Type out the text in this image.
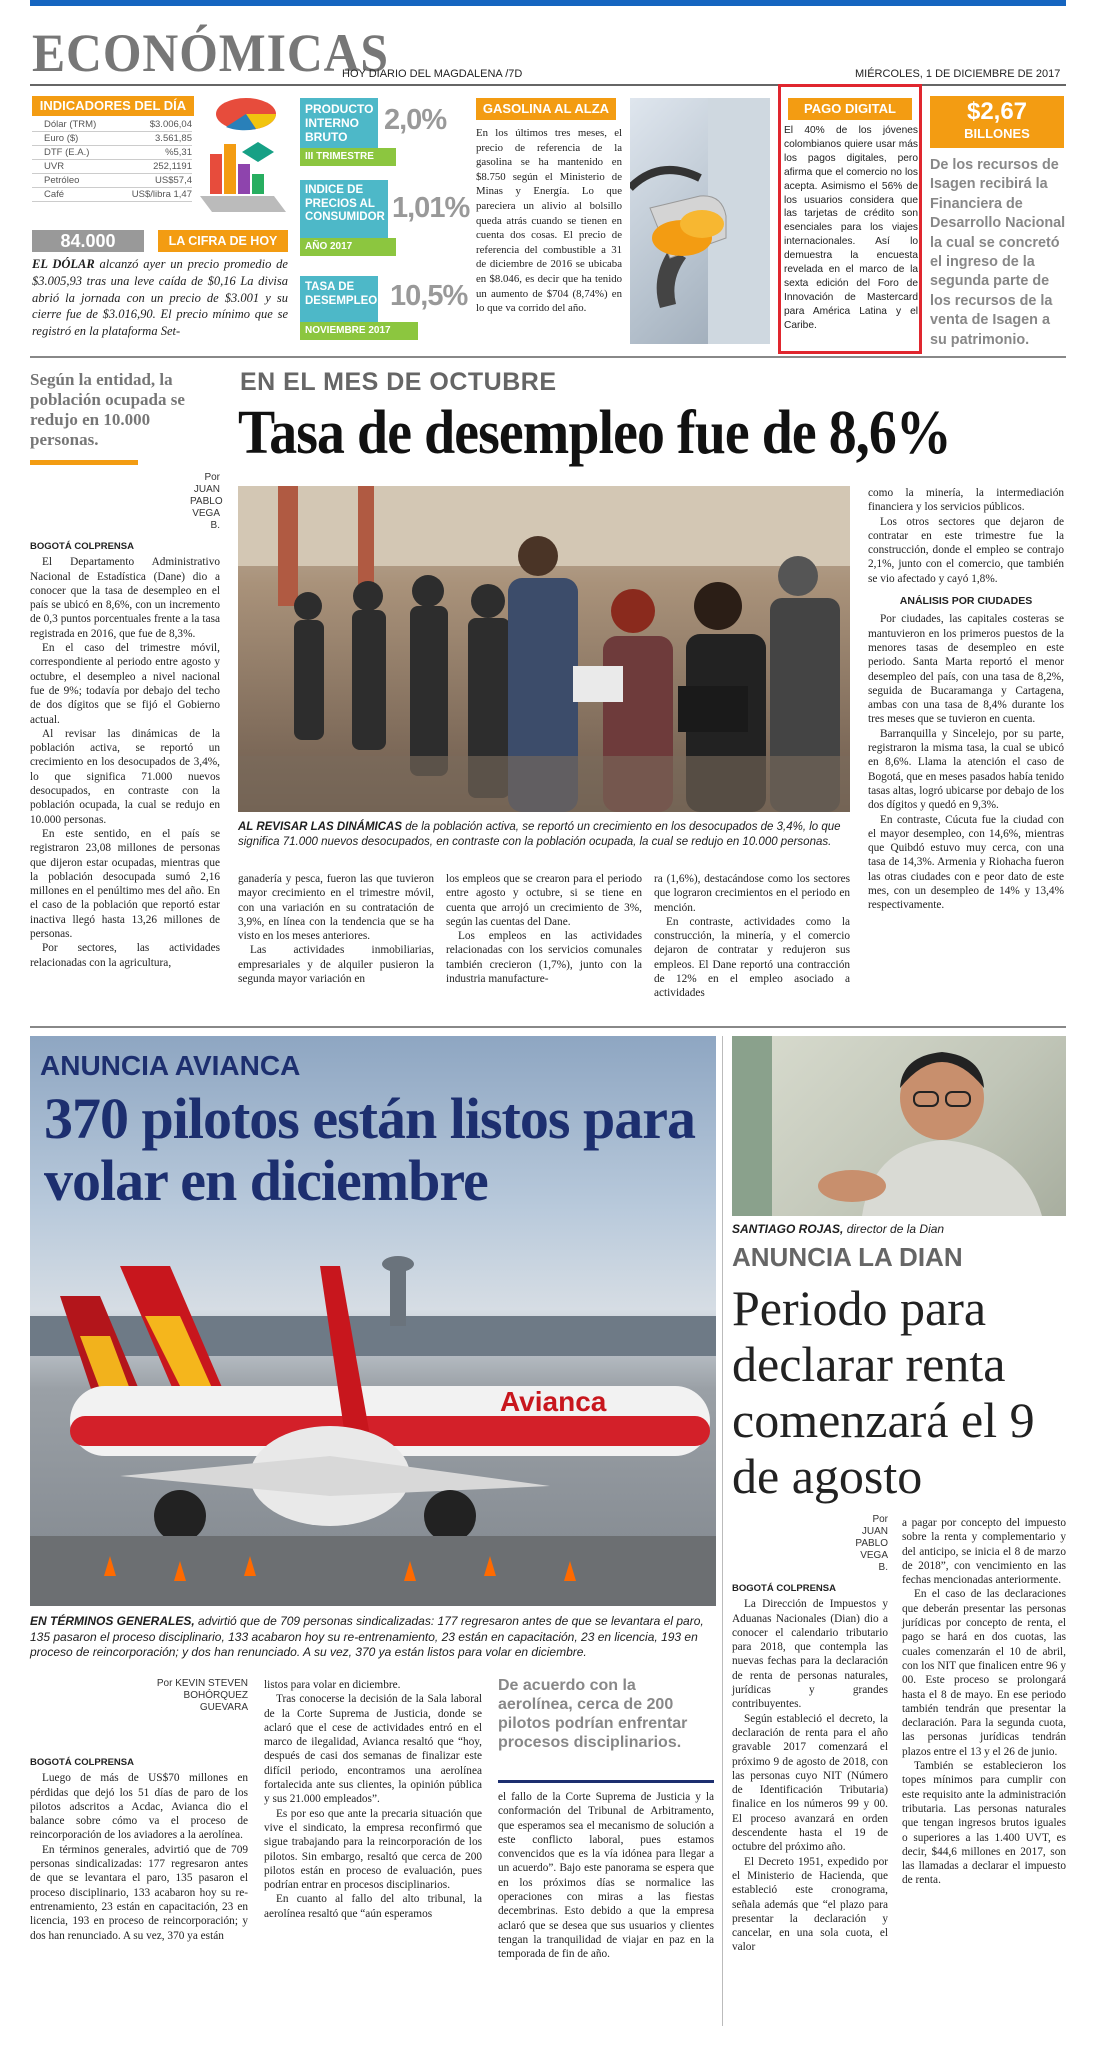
ECONÓMICAS
HOY DIARIO DEL MAGDALENA /7D	MIÉRCOLES, 1 DE DICIEMBRE DE 2017
INDICADORES DEL DÍA
Dólar (TRM)	$3.006,04
Euro ($)	3.561,85
DTF (E.A.)	%5,31
UVR	252,1191
Petróleo	US$57,4
Café	US$/libra 1,47
84.000	LA CIFRA DE HOY
EL DÓLAR alcanzó ayer un precio promedio de $3.005,93 tras una leve caída de $0,16 La divisa abrió la jornada con un precio de $3.001 y su cierre fue de $3.016,90. El precio mínimo que se registró en la plataforma Set-
PRODUCTO INTERNO BRUTO
III TRIMESTRE 2016
2,0%
INDICE DE PRECIOS AL CONSUMIDOR
AÑO 2017
1,01%
TASA DE DESEMPLEO
NOVIEMBRE 2017
10,5%
GASOLINA AL ALZA
En los últimos tres meses, el precio de referencia de la gasolina se ha mantenido en $8.750 según el Ministerio de Minas y Energía. Lo que pareciera un alivio al bolsillo queda atrás cuando se tienen en cuenta dos cosas. El precio de referencia del combustible a 31 de diciembre de 2016 se ubicaba en $8.046, es decir que ha tenido un aumento de $704 (8,74%) en lo que va corrido del año.
PAGO DIGITAL
El 40% de los jóvenes colombianos quiere usar más los pagos digitales, pero afirma que el comercio no los acepta. Asimismo el 56% de los usuarios considera que las tarjetas de crédito son esenciales para los viajes internacionales. Así lo demuestra la encuesta revelada en el marco de la sexta edición del Foro de Innovación de Mastercard para América Latina y el Caribe.
$2,67
BILLONES
De los recursos de Isagen recibirá la Financiera de Desarrollo Nacional la cual se concretó el ingreso de la segunda parte de los recursos de la venta de Isagen a su patrimonio.
Según la entidad, la población ocupada se redujo en 10.000 personas.
EN EL MES DE OCTUBRE
Tasa de desempleo fue de 8,6%
Por JUAN PABLO VEGA B.
BOGOTÁ COLPRENSA

El Departamento Administrativo Nacional de Estadística (Dane) dio a conocer que la tasa de desempleo en el país se ubicó en 8,6%, con un incremento de 0,3 puntos porcentuales frente a la tasa registrada en 2016, que fue de 8,3%.

En el caso del trimestre móvil, correspondiente al periodo entre agosto y octubre, el desempleo a nivel nacional fue de 9%; todavía por debajo del techo de dos dígitos que se fijó el Gobierno actual.

Al revisar las dinámicas de la población activa, se reportó un crecimiento en los desocupados de 3,4%, lo que significa 71.000 nuevos desocupados, en contraste con la población ocupada, la cual se redujo en 10.000 personas.

En este sentido, en el país se registraron 23,08 millones de personas que dijeron estar ocupadas, mientras que la población desocupada sumó 2,16 millones en el penúltimo mes del año. En el caso de la población que reportó estar inactiva llegó hasta 13,26 millones de personas.

Por sectores, las actividades relacionadas con la agricultura,

AL REVISAR LAS DINÁMICAS de la población activa, se reportó un crecimiento en los desocupados de 3,4%, lo que significa 71.000 nuevos desocupados, en contraste con la población ocupada, la cual se redujo en 10.000 personas.

ganadería y pesca, fueron las que tuvieron mayor crecimiento en el trimestre móvil, con una variación en su contratación de 3,9%, en línea con la tendencia que se ha visto en los meses anteriores.

Las actividades inmobiliarias, empresariales y de alquiler pusieron la segunda mayor variación en

los empleos que se crearon para el periodo entre agosto y octubre, si se tiene en cuenta que arrojó un crecimiento de 3%, según las cuentas del Dane.

Los empleos en las actividades relacionadas con los servicios comunales también crecieron (1,7%), junto con la industria manufacture-

ra (1,6%), destacándose como los sectores que lograron crecimientos en el periodo en mención.

En contraste, actividades como la construcción, la minería, y el comercio dejaron de contratar y redujeron sus empleos. El Dane reportó una contracción de 12% en el empleo asociado a actividades

como la minería, la intermediación financiera y los servicios públicos.

Los otros sectores que dejaron de contratar en este trimestre fue la construcción, donde el empleo se contrajo 2,1%, junto con el comercio, que también se vio afectado y cayó 1,8%.

ANÁLISIS POR CIUDADES

Por ciudades, las capitales costeras se mantuvieron en los primeros puestos de la menores tasas de desempleo en este periodo. Santa Marta reportó el menor desempleo del país, con una tasa de 8,2%, seguida de Bucaramanga y Cartagena, ambas con una tasa de 8,4% durante los tres meses que se tuvieron en cuenta.

Barranquilla y Sincelejo, por su parte, registraron la misma tasa, la cual se ubicó en 8,6%. Llama la atención el caso de Bogotá, que en meses pasados había tenido tasas altas, logró ubicarse por debajo de los dos dígitos y quedó en 9,3%.

En contraste, Cúcuta fue la ciudad con el mayor desempleo, con 14,6%, mientras que Quibdó estuvo muy cerca, con una tasa de 14,3%. Armenia y Riohacha fueron las otras ciudades con e peor dato de este mes, con un desempleo de 14% y 13,4% respectivamente.

Avianca
ANUNCIA AVIANCA
370 pilotos están listos para volar en diciembre
EN TÉRMINOS GENERALES, advirtió que de 709 personas sindicalizadas: 177 regresaron antes de que se levantara el paro, 135 pasaron el proceso disciplinario, 133 acabaron hoy su re-entrenamiento, 23 están en capacitación, 23 en licencia, 193 en proceso de reincorporación; y dos han renunciado. A su vez, 370 ya están listos para volar en diciembre.
Por KEVIN STEVEN BOHÓRQUEZ GUEVARA
BOGOTÁ COLPRENSA

Luego de más de US$70 millones en pérdidas que dejó los 51 días de paro de los pilotos adscritos a Acdac, Avianca dio el balance sobre cómo va el proceso de reincorporación de los aviadores a la aerolínea.

En términos generales, advirtió que de 709 personas sindicalizadas: 177 regresaron antes de que se levantara el paro, 135 pasaron el proceso disciplinario, 133 acabaron hoy su re-entrenamiento, 23 están en capacitación, 23 en licencia, 193 en proceso de reincorporación; y dos han renunciado. A su vez, 370 ya están

listos para volar en diciembre.

Tras conocerse la decisión de la Sala laboral de la Corte Suprema de Justicia, donde se aclaró que el cese de actividades entró en el marco de ilegalidad, Avianca resaltó que “hoy, después de casi dos semanas de finalizar este difícil periodo, encontramos una aerolínea fortalecida ante sus clientes, la opinión pública y sus 21.000 empleados”.

Es por eso que ante la precaria situación que vive el sindicato, la empresa reconfirmó que sigue trabajando para la reincorporación de los pilotos. Sin embargo, resaltó que cerca de 200 pilotos están en proceso de evaluación, pues podrían entrar en procesos disciplinarios.

En cuanto al fallo del alto tribunal, la aerolínea resaltó que “aún esperamos

De acuerdo con la aerolínea, cerca de 200 pilotos podrían enfrentar procesos disciplinarios.

el fallo de la Corte Suprema de Justicia y la conformación del Tribunal de Arbitramento, que esperamos sea el mecanismo de solución a este conflicto laboral, pues estamos convencidos que es la vía idónea para llegar a un acuerdo”. Bajo este panorama se espera que en los próximos días se normalice las operaciones con miras a las fiestas decembrinas. Esto debido a que la empresa aclaró que se desea que sus usuarios y clientes tengan la tranquilidad de viajar en paz en la temporada de fin de año.

SANTIAGO ROJAS, director de la Dian
ANUNCIA LA DIAN
Periodo para declarar renta comenzará el 9 de agosto
Por JUAN PABLO VEGA B.
BOGOTÁ COLPRENSA

La Dirección de Impuestos y Aduanas Nacionales (Dian) dio a conocer el calendario tributario para 2018, que contempla las nuevas fechas para la declaración de renta de personas naturales, jurídicas y grandes contribuyentes.

Según estableció el decreto, la declaración de renta para el año gravable 2017 comenzará el próximo 9 de agosto de 2018, con las personas cuyo NIT (Número de Identificación Tributaria) finalice en los números 99 y 00. El proceso avanzará en orden descendente hasta el 19 de octubre del próximo año.

El Decreto 1951, expedido por el Ministerio de Hacienda, que estableció este cronograma, señala además que “el plazo para presentar la declaración y cancelar, en una sola cuota, el valor

a pagar por concepto del impuesto sobre la renta y complementario y del anticipo, se inicia el 8 de marzo de 2018”, con vencimiento en las fechas mencionadas anteriormente.

En el caso de las declaraciones que deberán presentar las personas jurídicas por concepto de renta, el pago se hará en dos cuotas, las cuales comenzarán el 10 de abril, con los NIT que finalicen entre 96 y 00. Este proceso se prolongará hasta el 8 de mayo. En ese periodo también tendrán que presentar la declaración. Para la segunda cuota, las personas jurídicas tendrán plazos entre el 13 y el 26 de junio.

También se establecieron los topes mínimos para cumplir con este requisito ante la administración tributaria. Las personas naturales que tengan ingresos brutos iguales o superiores a las 1.400 UVT, es decir, $44,6 millones en 2017, son las llamadas a declarar el impuesto de renta.
